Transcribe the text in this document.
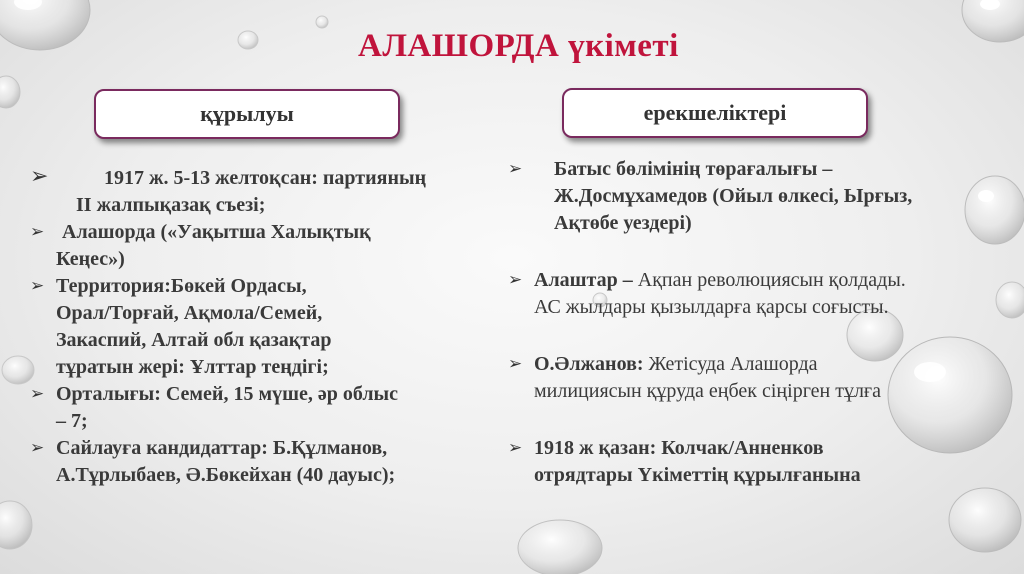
АЛАШОРДА үкіметі
құрылуы	ерекшеліктері
➢	1917 ж. 5-13 желтоқсан: партияның
II жалпықазақ съезі;
➢ Алашорда («Уақытша Халықтық
Кеңес»)
➢ Территория:Бөкей Ордасы,
Орал/Торғай, Ақмола/Семей,
Закаспий, Алтай обл қазақтар
тұратын жері: Ұлттар теңдігі;
➢ Орталығы: Семей, 15 мүше, әр облыс
– 7;
➢ Сайлауға кандидаттар: Б.Құлманов,
А.Тұрлыбаев, Ә.Бөкейхан (40 дауыс);
➢	Батыс бөлімінің төрағалығы –
Ж.Досмұхамедов (Ойыл өлкесі, Ырғыз,
Ақтөбе уездері)
➢ Алаштар – Ақпан революциясын қолдады.
АС жылдары қызылдарға қарсы соғысты.
➢ О.Әлжанов: Жетісуда Алашорда
милициясын құруда еңбек сіңірген тұлға
➢ 1918 ж қазан: Колчак/Анненков
отрядтары Үкіметтің құрылғанына
